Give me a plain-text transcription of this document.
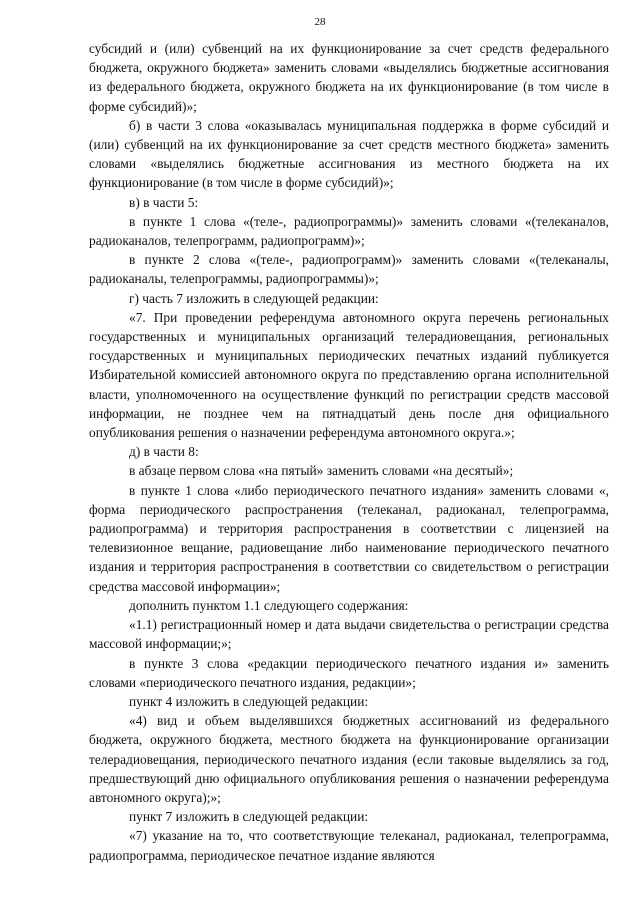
28

субсидий и (или) субвенций на их функционирование за счет средств федерального бюджета, окружного бюджета» заменить словами «выделялись бюджетные ассигнования из федерального бюджета, окружного бюджета на их функционирование (в том числе в форме субсидий)»;

б) в части 3 слова «оказывалась муниципальная поддержка в форме субсидий и (или) субвенций на их функционирование за счет средств местного бюджета» заменить словами «выделялись бюджетные ассигнования из местного бюджета на их функционирование (в том числе в форме субсидий)»;

в) в части 5:

в пункте 1 слова «(теле-, радиопрограммы)» заменить словами «(телеканалов, радиоканалов, телепрограмм, радиопрограмм)»;

в пункте 2 слова «(теле-, радиопрограмм)» заменить словами «(телеканалы, радиоканалы, телепрограммы, радиопрограммы)»;

г) часть 7 изложить в следующей редакции:

«7. При проведении референдума автономного округа перечень региональных государственных и муниципальных организаций телерадиовещания, региональных государственных и муниципальных периодических печатных изданий публикуется Избирательной комиссией автономного округа по представлению органа исполнительной власти, уполномоченного на осуществление функций по регистрации средств массовой информации, не позднее чем на пятнадцатый день после дня официального опубликования решения о назначении референдума автономного округа.»;

д) в части 8:

в абзаце первом слова «на пятый» заменить словами «на десятый»;

в пункте 1 слова «либо периодического печатного издания» заменить словами «, форма периодического распространения (телеканал, радиоканал, телепрограмма, радиопрограмма) и территория распространения в соответствии с лицензией на телевизионное вещание, радиовещание либо наименование периодического печатного издания и территория распространения в соответствии со свидетельством о регистрации средства массовой информации»;

дополнить пунктом 1.1 следующего содержания:

«1.1) регистрационный номер и дата выдачи свидетельства о регистрации средства массовой информации;»;

в пункте 3 слова «редакции периодического печатного издания и» заменить словами «периодического печатного издания, редакции»;

пункт 4 изложить в следующей редакции:

«4) вид и объем выделявшихся бюджетных ассигнований из федерального бюджета, окружного бюджета, местного бюджета на функционирование организации телерадиовещания, периодического печатного издания (если таковые выделялись за год, предшествующий дню официального опубликования решения о назначении референдума автономного округа);»;

пункт 7 изложить в следующей редакции:

«7) указание на то, что соответствующие телеканал, радиоканал, телепрограмма, радиопрограмма, периодическое печатное издание являются
